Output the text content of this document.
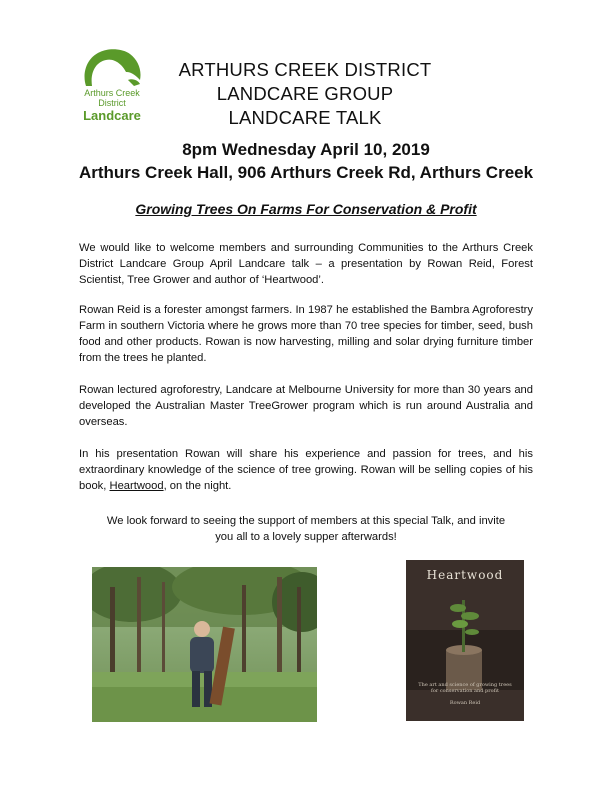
Arthurs Creek
District
Landcare
ARTHURS CREEK DISTRICT
LANDCARE GROUP
LANDCARE TALK
8pm Wednesday April 10, 2019
Arthurs Creek Hall, 906 Arthurs Creek Rd, Arthurs Creek
Growing Trees On Farms For Conservation & Profit
We would like to welcome members and surrounding Communities to the Arthurs Creek District Landcare Group April Landcare talk – a presentation by Rowan Reid, Forest Scientist, Tree Grower and author of ‘Heartwood’.
Rowan Reid is a forester amongst farmers. In 1987 he established the Bambra Agroforestry Farm in southern Victoria where he grows more than 70 tree species for timber, seed, bush food and other products. Rowan is now harvesting, milling and solar drying furniture timber from the trees he planted.
Rowan lectured agroforestry, Landcare at Melbourne University for more than 30 years and developed the Australian Master TreeGrower program which is run around Australia and overseas.
In his presentation Rowan will share his experience and passion for trees, and his extraordinary knowledge of the science of tree growing. Rowan will be selling copies of his book, Heartwood, on the night.
We look forward to seeing the support of members at this special Talk, and invite
you all to a lovely supper afterwards!
Heartwood
The art and science of growing trees for conservation and profit
Rowan Reid
